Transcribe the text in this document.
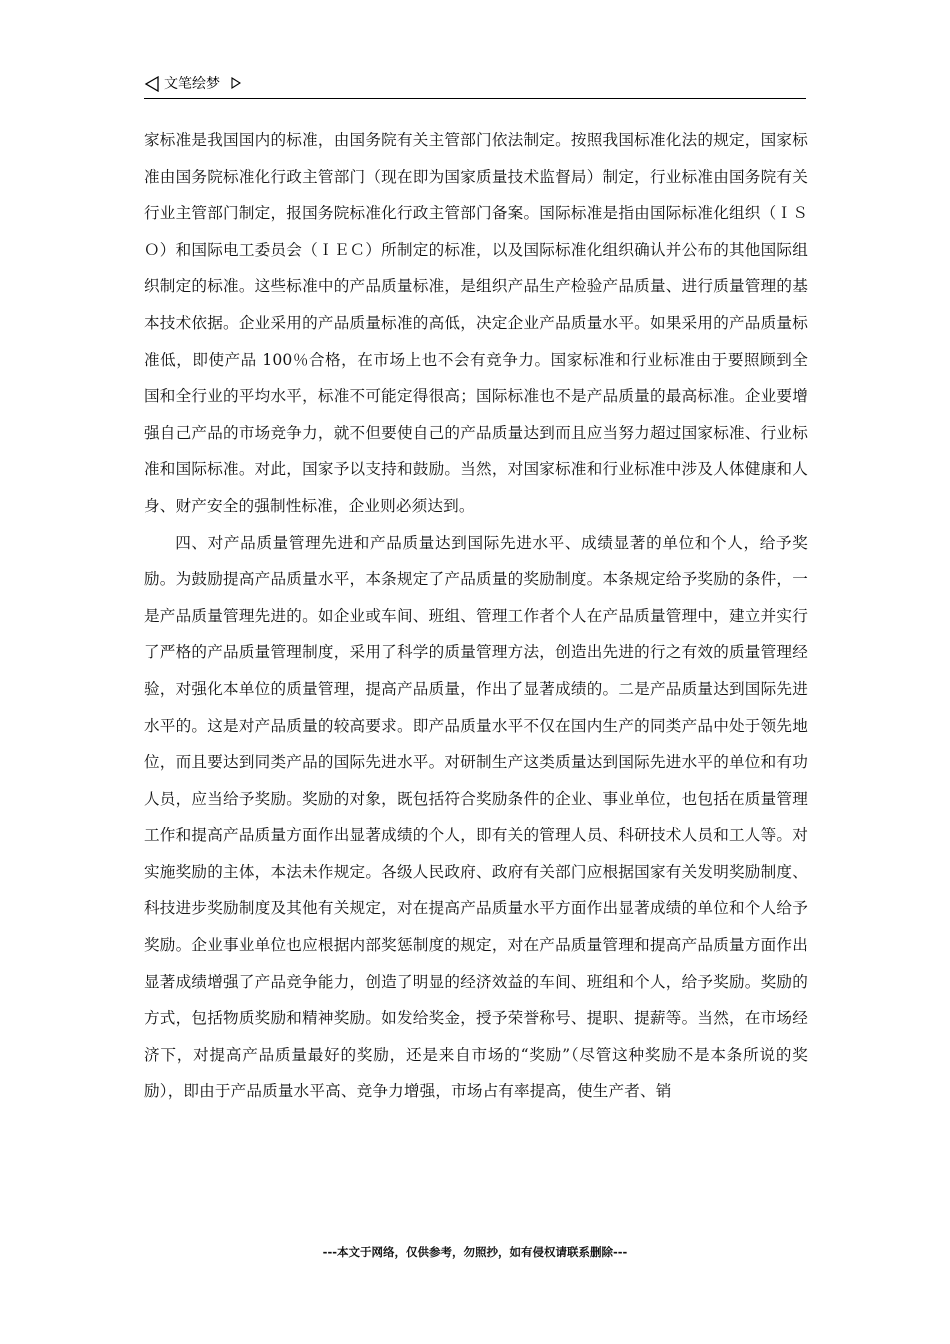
文笔绘梦

家标准是我国国内的标准，由国务院有关主管部门依法制定。按照我国标准化法的规定，国家标准由国务院标准化行政主管部门（现在即为国家质量技术监督局）制定，行业标准由国务院有关行业主管部门制定，报国务院标准化行政主管部门备案。国际标准是指由国际标准化组织（ＩＳＯ）和国际电工委员会（ＩＥＣ）所制定的标准，以及国际标准化组织确认并公布的其他国际组织制定的标准。这些标准中的产品质量标准，是组织产品生产检验产品质量、进行质量管理的基本技术依据。企业采用的产品质量标准的高低，决定企业产品质量水平。如果采用的产品质量标准低，即使产品 100％合格，在市场上也不会有竞争力。国家标准和行业标准由于要照顾到全国和全行业的平均水平，标准不可能定得很高；国际标准也不是产品质量的最高标准。企业要增强自己产品的市场竞争力，就不但要使自己的产品质量达到而且应当努力超过国家标准、行业标准和国际标准。对此，国家予以支持和鼓励。当然，对国家标准和行业标准中涉及人体健康和人身、财产安全的强制性标准，企业则必须达到。

四、对产品质量管理先进和产品质量达到国际先进水平、成绩显著的单位和个人，给予奖励。为鼓励提高产品质量水平，本条规定了产品质量的奖励制度。本条规定给予奖励的条件，一是产品质量管理先进的。如企业或车间、班组、管理工作者个人在产品质量管理中，建立并实行了严格的产品质量管理制度，采用了科学的质量管理方法，创造出先进的行之有效的质量管理经验，对强化本单位的质量管理，提高产品质量，作出了显著成绩的。二是产品质量达到国际先进水平的。这是对产品质量的较高要求。即产品质量水平不仅在国内生产的同类产品中处于领先地位，而且要达到同类产品的国际先进水平。对研制生产这类质量达到国际先进水平的单位和有功人员，应当给予奖励。奖励的对象，既包括符合奖励条件的企业、事业单位，也包括在质量管理工作和提高产品质量方面作出显著成绩的个人，即有关的管理人员、科研技术人员和工人等。对实施奖励的主体，本法未作规定。各级人民政府、政府有关部门应根据国家有关发明奖励制度、科技进步奖励制度及其他有关规定，对在提高产品质量水平方面作出显著成绩的单位和个人给予奖励。企业事业单位也应根据内部奖惩制度的规定，对在产品质量管理和提高产品质量方面作出显著成绩增强了产品竞争能力，创造了明显的经济效益的车间、班组和个人，给予奖励。奖励的方式，包括物质奖励和精神奖励。如发给奖金，授予荣誉称号、提职、提薪等。当然，在市场经济下，对提高产品质量最好的奖励，还是来自市场的“奖励”（尽管这种奖励不是本条所说的奖励），即由于产品质量水平高、竞争力增强，市场占有率提高，使生产者、销

---本文于网络，仅供参考，勿照抄，如有侵权请联系删除---
